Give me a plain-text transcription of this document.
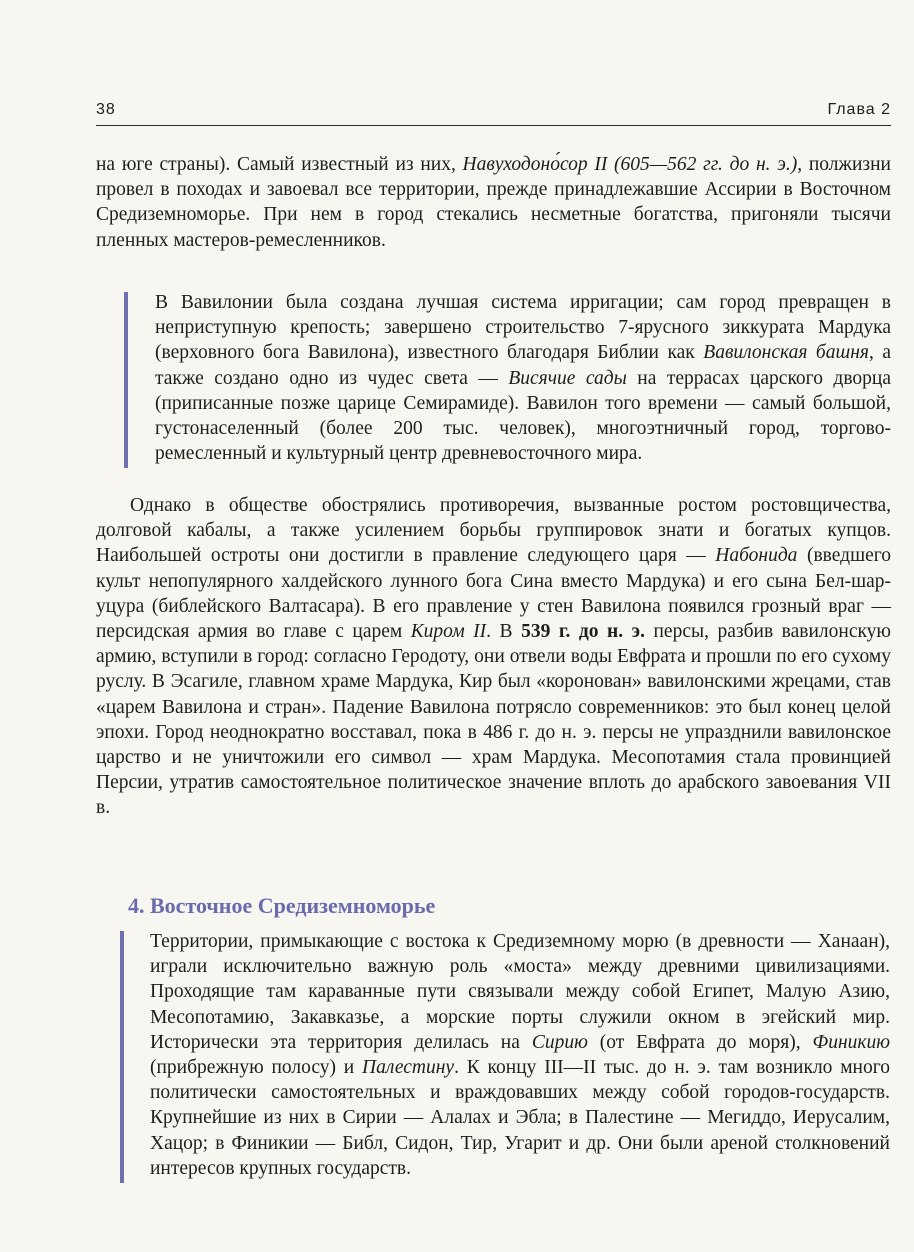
38	Глава 2

на юге страны). Самый известный из них, Навуходоно́сор II (605—562 гг. до н. э.), полжизни провел в походах и завоевал все территории, прежде принадлежавшие Ассирии в Восточном Средиземноморье. При нем в город стекались несметные богатства, пригоняли тысячи пленных мастеров-ремесленников.

В Вавилонии была создана лучшая система ирригации; сам город превращен в неприступную крепость; завершено строительство 7-ярусного зиккурата Мардука (верховного бога Вавилона), известного благодаря Библии как Вавилонская башня, а также создано одно из чудес света — Висячие сады на террасах царского дворца (приписанные позже царице Семирамиде). Вавилон того времени — самый большой, густонаселенный (более 200 тыс. человек), многоэтничный город, торгово-ремесленный и культурный центр древневосточного мира.

Однако в обществе обострялись противоречия, вызванные ростом ростовщичества, долговой кабалы, а также усилением борьбы группировок знати и богатых купцов. Наибольшей остроты они достигли в правление следующего царя — Набонида (введшего культ непопулярного халдейского лунного бога Сина вместо Мардука) и его сына Бел-шар-уцура (библейского Валтасара). В его правление у стен Вавилона появился грозный враг — персидская армия во главе с царем Киром II. В 539 г. до н. э. персы, разбив вавилонскую армию, вступили в город: согласно Геродоту, они отвели воды Евфрата и прошли по его сухому руслу. В Эсагиле, главном храме Мардука, Кир был «коронован» вавилонскими жрецами, став «царем Вавилона и стран». Падение Вавилона потрясло современников: это был конец целой эпохи. Город неоднократно восставал, пока в 486 г. до н. э. персы не упразднили вавилонское царство и не уничтожили его символ — храм Мардука. Месопотамия стала провинцией Персии, утратив самостоятельное политическое значение вплоть до арабского завоевания VII в.

4. Восточное Средиземноморье

Территории, примыкающие с востока к Средиземному морю (в древности — Ханаан), играли исключительно важную роль «моста» между древними цивилизациями. Проходящие там караванные пути связывали между собой Египет, Малую Азию, Месопотамию, Закавказье, а морские порты служили окном в эгейский мир. Исторически эта территория делилась на Сирию (от Евфрата до моря), Финикию (прибрежную полосу) и Палестину. К концу III—II тыс. до н. э. там возникло много политически самостоятельных и враждовавших между собой городов-государств. Крупнейшие из них в Сирии — Алалах и Эбла; в Палестине — Мегиддо, Иерусалим, Хацор; в Финикии — Библ, Сидон, Тир, Угарит и др. Они были ареной столкновений интересов крупных государств.
